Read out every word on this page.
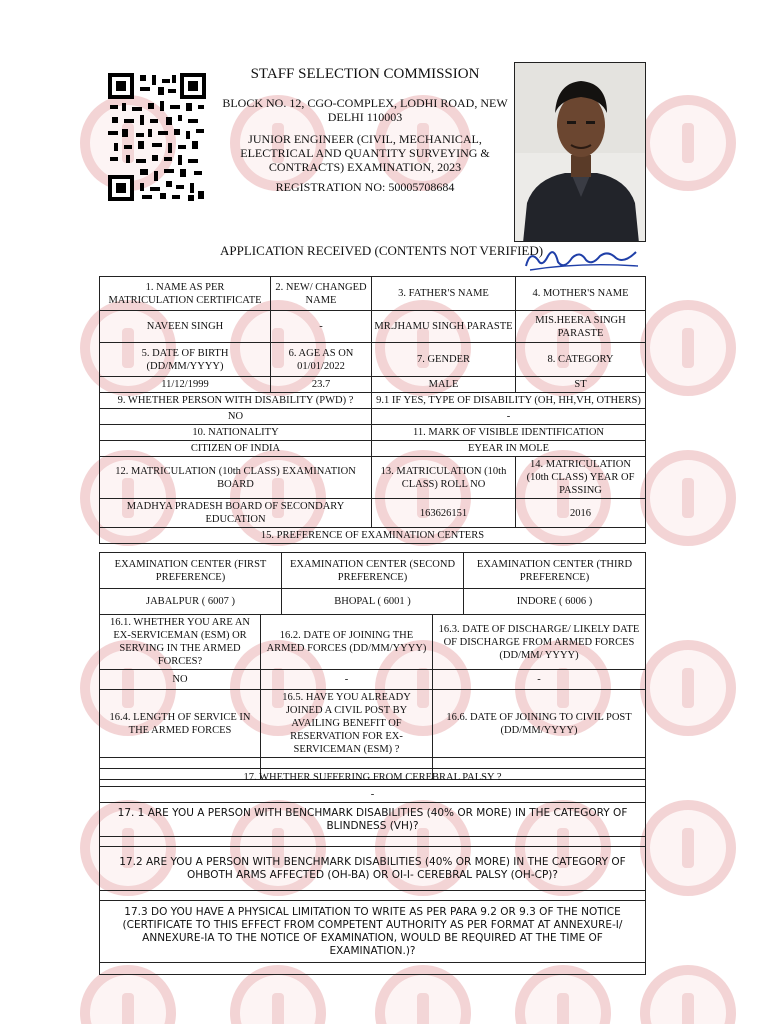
STAFF SELECTION COMMISSION
BLOCK NO. 12, CGO-COMPLEX, LODHI ROAD, NEW DELHI 110003
JUNIOR ENGINEER (CIVIL, MECHANICAL, ELECTRICAL AND QUANTITY SURVEYING & CONTRACTS) EXAMINATION, 2023
REGISTRATION NO: 50005708684
APPLICATION RECEIVED (CONTENTS NOT VERIFIED)
1. NAME AS PER MATRICULATION CERTIFICATE	2. NEW/ CHANGED NAME	3. FATHER'S NAME	4. MOTHER'S NAME
NAVEEN SINGH	-	MR.JHAMU SINGH PARASTE	MIS.HEERA SINGH PARASTE
5. DATE OF BIRTH (DD/MM/YYYY)	6. AGE AS ON 01/01/2022	7. GENDER	8. CATEGORY
11/12/1999	23.7	MALE	ST
9. WHETHER PERSON WITH DISABILITY (PWD) ?		9.1 IF YES, TYPE OF DISABILITY (OH, HH,VH, OTHERS)	
NO		-	
10. NATIONALITY		11. MARK OF VISIBLE IDENTIFICATION	
CITIZEN OF INDIA		EYEAR IN MOLE	
12. MATRICULATION (10th CLASS) EXAMINATION BOARD		13. MATRICULATION (10th CLASS) ROLL NO	14. MATRICULATION (10th CLASS) YEAR OF PASSING
MADHYA PRADESH BOARD OF SECONDARY EDUCATION		163626151	2016
15. PREFERENCE OF EXAMINATION CENTERS			
EXAMINATION CENTER (FIRST PREFERENCE)	EXAMINATION CENTER (SECOND PREFERENCE)	EXAMINATION CENTER (THIRD PREFERENCE)
JABALPUR ( 6007 )	BHOPAL ( 6001 )	INDORE ( 6006 )
16.1. WHETHER YOU ARE AN EX-SERVICEMAN (ESM) OR SERVING IN THE ARMED FORCES?	16.2. DATE OF JOINING THE ARMED FORCES (DD/MM/YYYY)	16.3. DATE OF DISCHARGE/ LIKELY DATE OF DISCHARGE FROM ARMED FORCES (DD/MM/ YYYY)
NO	-	-
16.4. LENGTH OF SERVICE IN THE ARMED FORCES	16.5. HAVE YOU ALREADY JOINED A CIVIL POST BY AVAILING BENEFIT OF RESERVATION FOR EX-SERVICEMAN (ESM) ?	16.6. DATE OF JOINING TO CIVIL POST (DD/MM/YYYY)
-	-	-
17. WHETHER SUFFERING FROM CEREBRAL PALSY ?
-
17. 1 ARE YOU A PERSON WITH BENCHMARK DISABILITIES (40% OR MORE) IN THE CATEGORY OF BLINDNESS (VH)?

17.2 ARE YOU A PERSON WITH BENCHMARK DISABILITIES (40% OR MORE) IN THE CATEGORY OF OHBOTH ARMS AFFECTED (OH-BA) OR OI-I- CEREBRAL PALSY (OH-CP)?

17.3 DO YOU HAVE A PHYSICAL LIMITATION TO WRITE AS PER PARA 9.2 OR 9.3 OF THE NOTICE (CERTIFICATE TO THIS EFFECT FROM COMPETENT AUTHORITY AS PER FORMAT AT ANNEXURE-I/ ANNEXURE-IA TO THE NOTICE OF EXAMINATION, WOULD BE REQUIRED AT THE TIME OF EXAMINATION.)?
